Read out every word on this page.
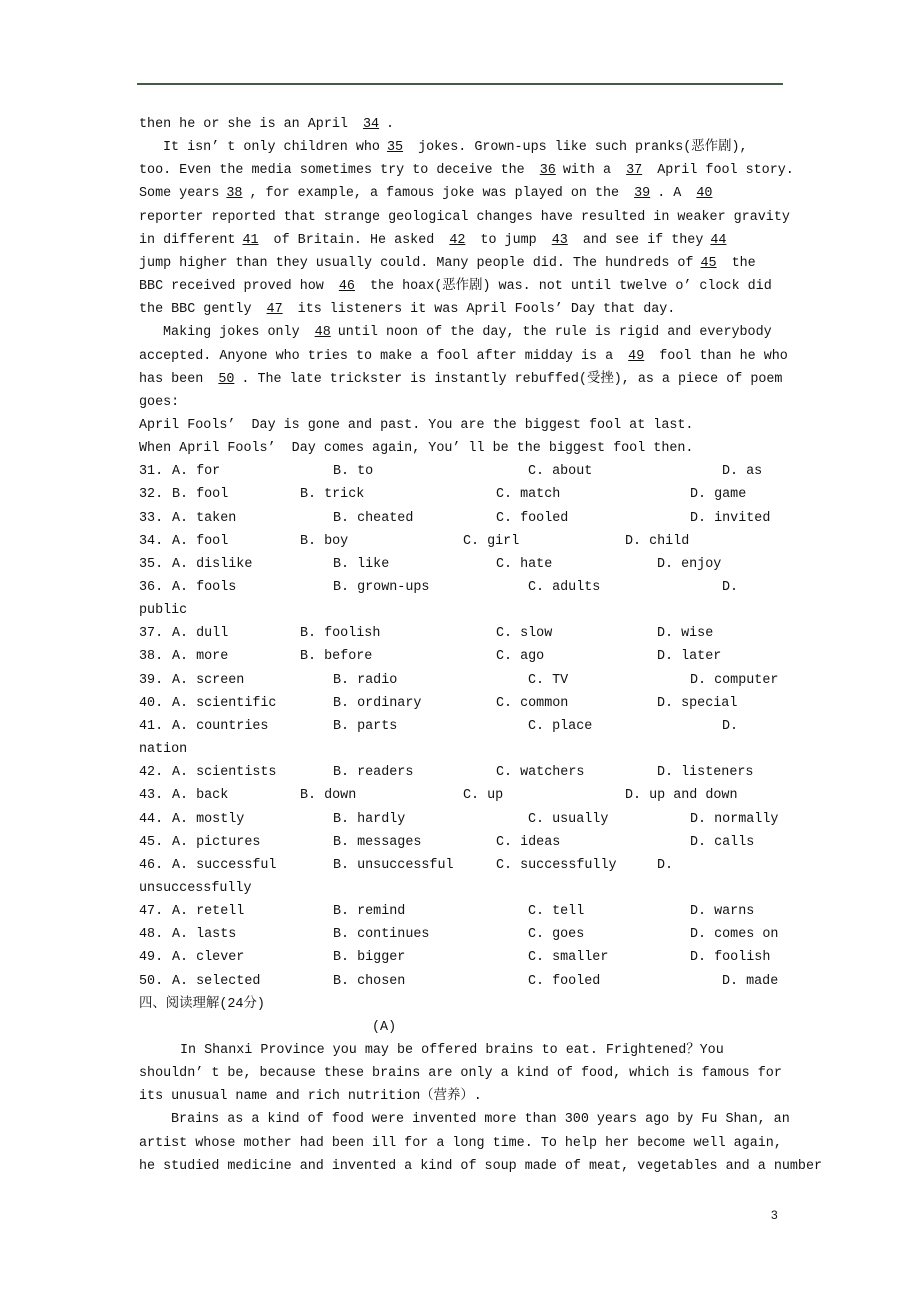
then he or she is an April 34 .
It isn’ t only children who 35 jokes. Grown-ups like such pranks(恶作剧),
too. Even the media sometimes try to deceive the 36 with a 37 April fool story.
Some years 38 , for example, a famous joke was played on the 39 . A 40
reporter reported that strange geological changes have resulted in weaker gravity
in different 41 of Britain. He asked 42 to jump 43 and see if they 44
jump higher than they usually could. Many people did. The hundreds of 45 the
BBC received proved how 46 the hoax(恶作剧) was. not until twelve o’ clock did
the BBC gently 47 its listeners it was April Fools’ Day that day.
Making jokes only 48 until noon of the day, the rule is rigid and everybody
accepted. Anyone who tries to make a fool after midday is a 49 fool than he who
has been 50 . The late trickster is instantly rebuffed(受挫), as a piece of poem
goes:
April Fools’  Day is gone and past. You are the biggest fool at last.
When April Fools’  Day comes again, You’ ll be the biggest fool then.
31. A. for	B. to	C. about	D. as
32. B. fool	B. trick	C. match	D. game
33. A. taken	B. cheated	C. fooled	D. invited
34. A. fool	B. boy	C. girl	D. child
35. A. dislike	B. like	C. hate	D. enjoy
36. A. fools	B. grown-ups	C. adults	D.
public
37. A. dull	B. foolish	C. slow	D. wise
38. A. more	B. before	C. ago	D. later
39. A. screen	B. radio	C. TV	D. computer
40. A. scientific	B. ordinary	C. common	D. special
41. A. countries	B. parts	C. place	D.
nation
42. A. scientists	B. readers	C. watchers	D. listeners
43. A. back	B. down	C. up	D. up and down
44. A. mostly	B. hardly	C. usually	D. normally
45. A. pictures	B. messages	C. ideas	D. calls
46. A. successful	B. unsuccessful	C. successfully	D.
unsuccessfully
47. A. retell	B. remind	C. tell	D. warns
48. A. lasts	B. continues	C. goes	D. comes on
49. A. clever	B. bigger	C. smaller	D. foolish
50. A. selected	B. chosen	C. fooled	D. made
四、阅读理解(24分)
(A)
In Shanxi Province you may be offered brains to eat. Frightened？You
shouldn’ t be, because these brains are only a kind of food, which is famous for
its unusual name and rich nutrition（营养）.
Brains as a kind of food were invented more than 300 years ago by Fu Shan, an
artist whose mother had been ill for a long time. To help her become well again,
he studied medicine and invented a kind of soup made of meat, vegetables and a number
3
